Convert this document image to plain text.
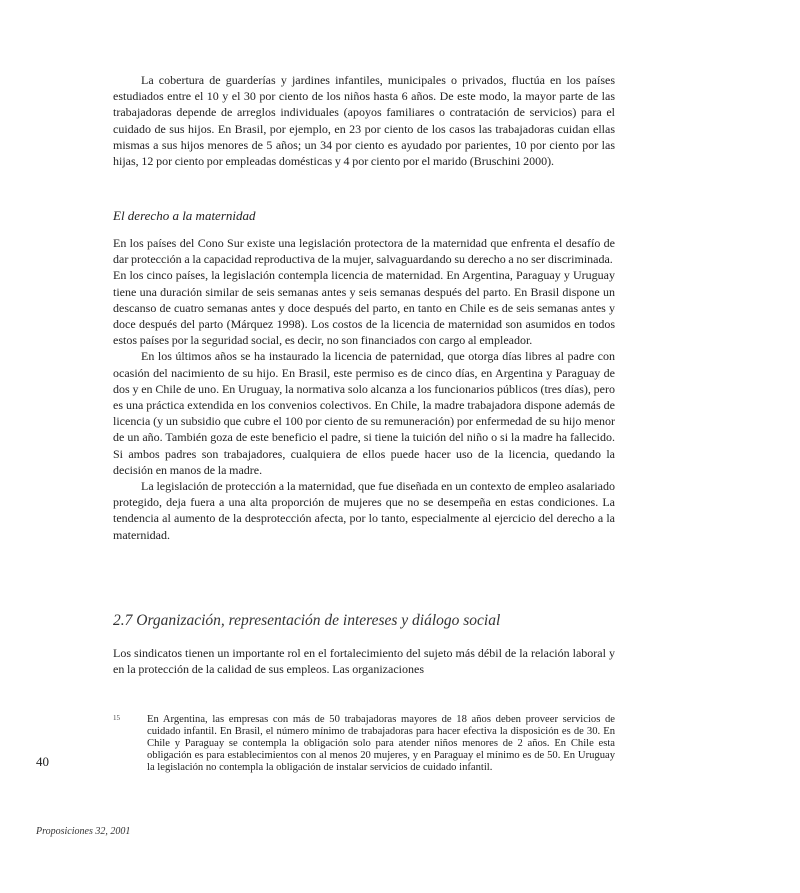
La cobertura de guarderías y jardines infantiles, municipales o privados, fluctúa en los países estudiados entre el 10 y el 30 por ciento de los niños hasta 6 años. De este modo, la mayor parte de las trabajadoras depende de arreglos individuales (apoyos familiares o contratación de servicios) para el cuidado de sus hijos. En Brasil, por ejemplo, en 23 por ciento de los casos las trabajadoras cuidan ellas mismas a sus hijos menores de 5 años; un 34 por ciento es ayudado por parientes, 10 por ciento por las hijas, 12 por ciento por empleadas domésticas y 4 por ciento por el marido (Bruschini 2000).

El derecho a la maternidad

En los países del Cono Sur existe una legislación protectora de la maternidad que enfrenta el desafío de dar protección a la capacidad reproductiva de la mujer, salvaguardando su derecho a no ser discriminada.

En los cinco países, la legislación contempla licencia de maternidad. En Argentina, Paraguay y Uruguay tiene una duración similar de seis semanas antes y seis semanas después del parto. En Brasil dispone un descanso de cuatro semanas antes y doce después del parto, en tanto en Chile es de seis semanas antes y doce después del parto (Márquez 1998). Los costos de la licencia de maternidad son asumidos en todos estos países por la seguridad social, es decir, no son financiados con cargo al empleador.

En los últimos años se ha instaurado la licencia de paternidad, que otorga días libres al padre con ocasión del nacimiento de su hijo. En Brasil, este permiso es de cinco días, en Argentina y Paraguay de dos y en Chile de uno. En Uruguay, la normativa solo alcanza a los funcionarios públicos (tres días), pero es una práctica extendida en los convenios colectivos. En Chile, la madre trabajadora dispone además de licencia (y un subsidio que cubre el 100 por ciento de su remuneración) por enfermedad de su hijo menor de un año. También goza de este beneficio el padre, si tiene la tuición del niño o si la madre ha fallecido. Si ambos padres son trabajadores, cualquiera de ellos puede hacer uso de la licencia, quedando la decisión en manos de la madre.

La legislación de protección a la maternidad, que fue diseñada en un contexto de empleo asalariado protegido, deja fuera a una alta proporción de mujeres que no se desempeña en estas condiciones. La tendencia al aumento de la desprotección afecta, por lo tanto, especialmente al ejercicio del derecho a la maternidad.

2.7 Organización, representación de intereses y diálogo social

Los sindicatos tienen un importante rol en el fortalecimiento del sujeto más débil de la relación laboral y en la protección de la calidad de sus empleos. Las organizaciones

15	En Argentina, las empresas con más de 50 trabajadoras mayores de 18 años deben proveer servicios de cuidado infantil. En Brasil, el número mínimo de trabajadoras para hacer efectiva la disposición es de 30. En Chile y Paraguay se contempla la obligación solo para atender niños menores de 2 años. En Chile esta obligación es para establecimientos con al menos 20 mujeres, y en Paraguay el mínimo es de 50. En Uruguay la legislación no contempla la obligación de instalar servicios de cuidado infantil.

40

Proposiciones 32, 2001
